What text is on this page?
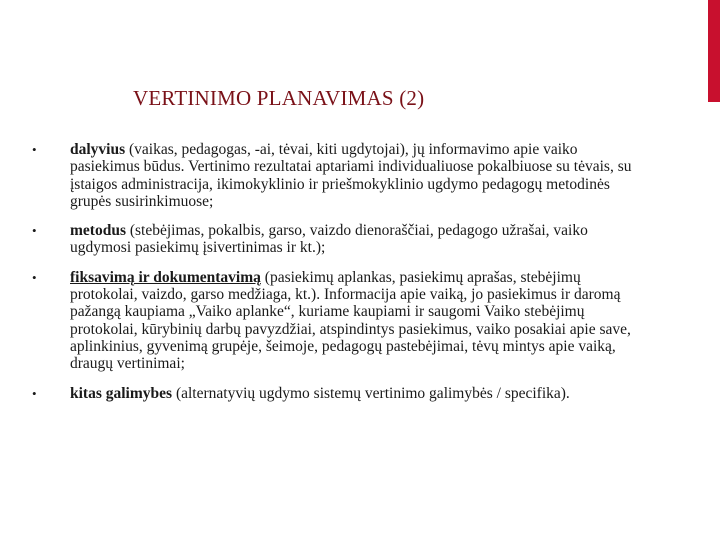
VERTINIMO PLANAVIMAS (2)
• dalyvius (vaikas, pedagogas, -ai, tėvai, kiti ugdytojai), jų informavimo apie vaiko pasiekimus būdus. Vertinimo rezultatai aptariami individualiuose pokalbiuose su tėvais, su įstaigos administracija, ikimokyklinio ir priešmokyklinio ugdymo pedagogų metodinės grupės susirinkimuose;
• metodus (stebėjimas, pokalbis, garso, vaizdo dienoraščiai, pedagogo užrašai, vaiko ugdymosi pasiekimų įsivertinimas ir kt.);
• fiksavimą ir dokumentavimą (pasiekimų aplankas, pasiekimų aprašas, stebėjimų protokolai, vaizdo, garso medžiaga, kt.). Informacija apie vaiką, jo pasiekimus ir daromą pažangą kaupiama „Vaiko aplanke“, kuriame kaupiami ir saugomi Vaiko stebėjimų protokolai, kūrybinių darbų pavyzdžiai, atspindintys pasiekimus, vaiko posakiai apie save, aplinkinius, gyvenimą grupėje, šeimoje, pedagogų pastebėjimai, tėvų mintys apie vaiką, draugų vertinimai;
• kitas galimybes (alternatyvių ugdymo sistemų vertinimo galimybės / specifika).
